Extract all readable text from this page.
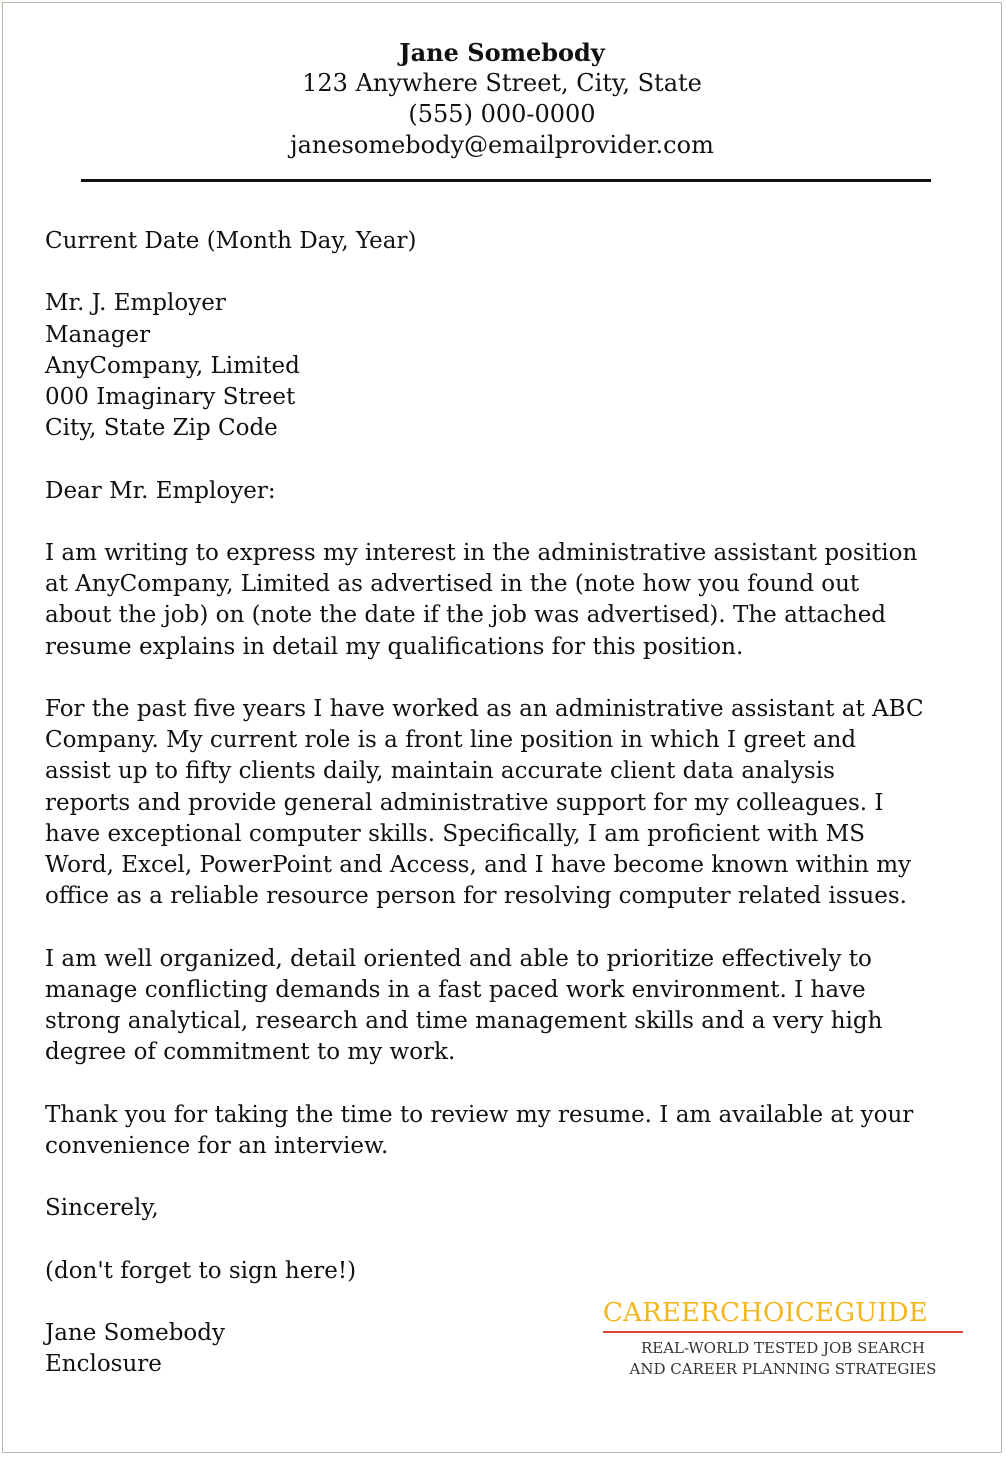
Jane Somebody
123 Anywhere Street, City, State
(555) 000-0000
janesomebody@emailprovider.com

Current Date (Month Day, Year)

Mr. J. Employer

Manager

AnyCompany, Limited

000 Imaginary Street

City, State Zip Code

Dear Mr. Employer:

I am writing to express my interest in the administrative assistant position
at AnyCompany, Limited as advertised in the (note how you found out
about the job) on (note the date if the job was advertised). The attached
resume explains in detail my qualifications for this position.
For the past five years I have worked as an administrative assistant at ABC
Company. My current role is a front line position in which I greet and
assist up to fifty clients daily, maintain accurate client data analysis
reports and provide general administrative support for my colleagues. I
have exceptional computer skills. Specifically, I am proficient with MS
Word, Excel, PowerPoint and Access, and I have become known within my
office as a reliable resource person for resolving computer related issues.
I am well organized, detail oriented and able to prioritize effectively to
manage conflicting demands in a fast paced work environment. I have
strong analytical, research and time management skills and a very high
degree of commitment to my work.
Thank you for taking the time to review my resume. I am available at your
convenience for an interview.

Sincerely,

(don't forget to sign here!)

Jane Somebody

Enclosure

CAREERCHOICEGUIDE
REAL-WORLD TESTED JOB SEARCH
AND CAREER PLANNING STRATEGIES
